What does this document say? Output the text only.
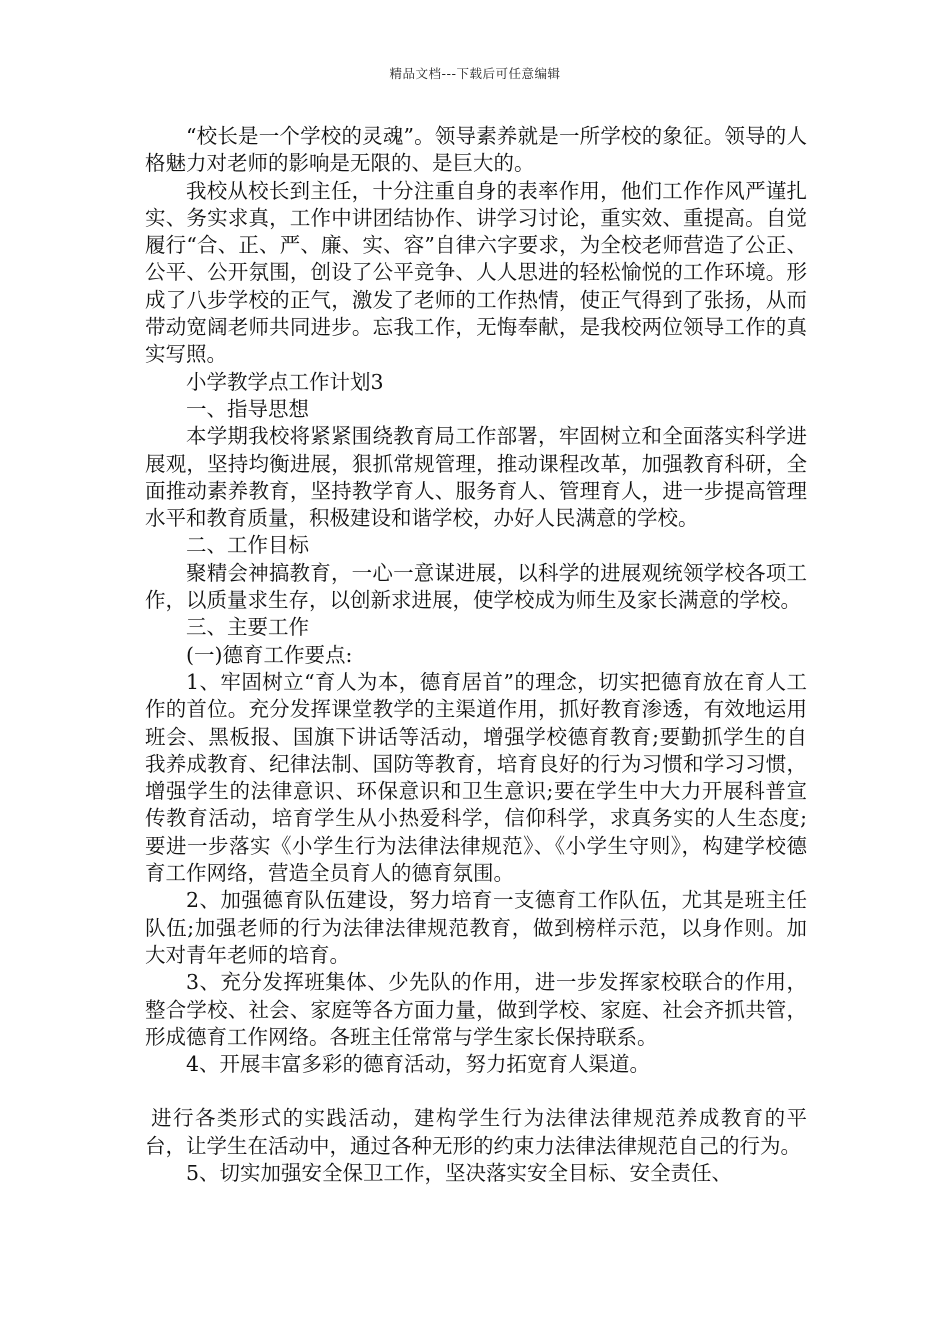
精品文档---下载后可任意编辑

“校长是一个学校的灵魂”。领导素养就是一所学校的象征。领导的人格魅力对老师的影响是无限的、是巨大的。

我校从校长到主任，十分注重自身的表率作用，他们工作作风严谨扎实、务实求真，工作中讲团结协作、讲学习讨论，重实效、重提高。自觉履行“合、正、严、廉、实、容”自律六字要求，为全校老师营造了公正、公平、公开氛围，创设了公平竞争、人人思进的轻松愉悦的工作环境。形成了八步学校的正气，激发了老师的工作热情，使正气得到了张扬，从而带动宽阔老师共同进步。忘我工作，无悔奉献，是我校两位领导工作的真实写照。

小学教学点工作计划3

一、指导思想

本学期我校将紧紧围绕教育局工作部署，牢固树立和全面落实科学进展观，坚持均衡进展，狠抓常规管理，推动课程改革，加强教育科研，全面推动素养教育，坚持教学育人、服务育人、管理育人，进一步提高管理水平和教育质量，积极建设和谐学校，办好人民满意的学校。

二、工作目标

聚精会神搞教育，一心一意谋进展，以科学的进展观统领学校各项工作，以质量求生存，以创新求进展，使学校成为师生及家长满意的学校。

三、主要工作

(一)德育工作要点:

1、牢固树立“育人为本，德育居首”的理念，切实把德育放在育人工作的首位。充分发挥课堂教学的主渠道作用，抓好教育渗透，有效地运用班会、黑板报、国旗下讲话等活动，增强学校德育教育;要勤抓学生的自我养成教育、纪律法制、国防等教育，培育良好的行为习惯和学习习惯，增强学生的法律意识、环保意识和卫生意识;要在学生中大力开展科普宣传教育活动，培育学生从小热爱科学，信仰科学，求真务实的人生态度;要进一步落实《小学生行为法律法律规范》、《小学生守则》，构建学校德育工作网络，营造全员育人的德育氛围。

2、加强德育队伍建设，努力培育一支德育工作队伍，尤其是班主任队伍;加强老师的行为法律法律规范教育，做到榜样示范，以身作则。加大对青年老师的培育。

3、充分发挥班集体、少先队的作用，进一步发挥家校联合的作用，整合学校、社会、家庭等各方面力量，做到学校、家庭、社会齐抓共管，形成德育工作网络。各班主任常常与学生家长保持联系。

4、开展丰富多彩的德育活动，努力拓宽育人渠道。

进行各类形式的实践活动，建构学生行为法律法律规范养成教育的平台，让学生在活动中，通过各种无形的约束力法律法律规范自己的行为。

5、切实加强安全保卫工作，坚决落实安全目标、安全责任、
